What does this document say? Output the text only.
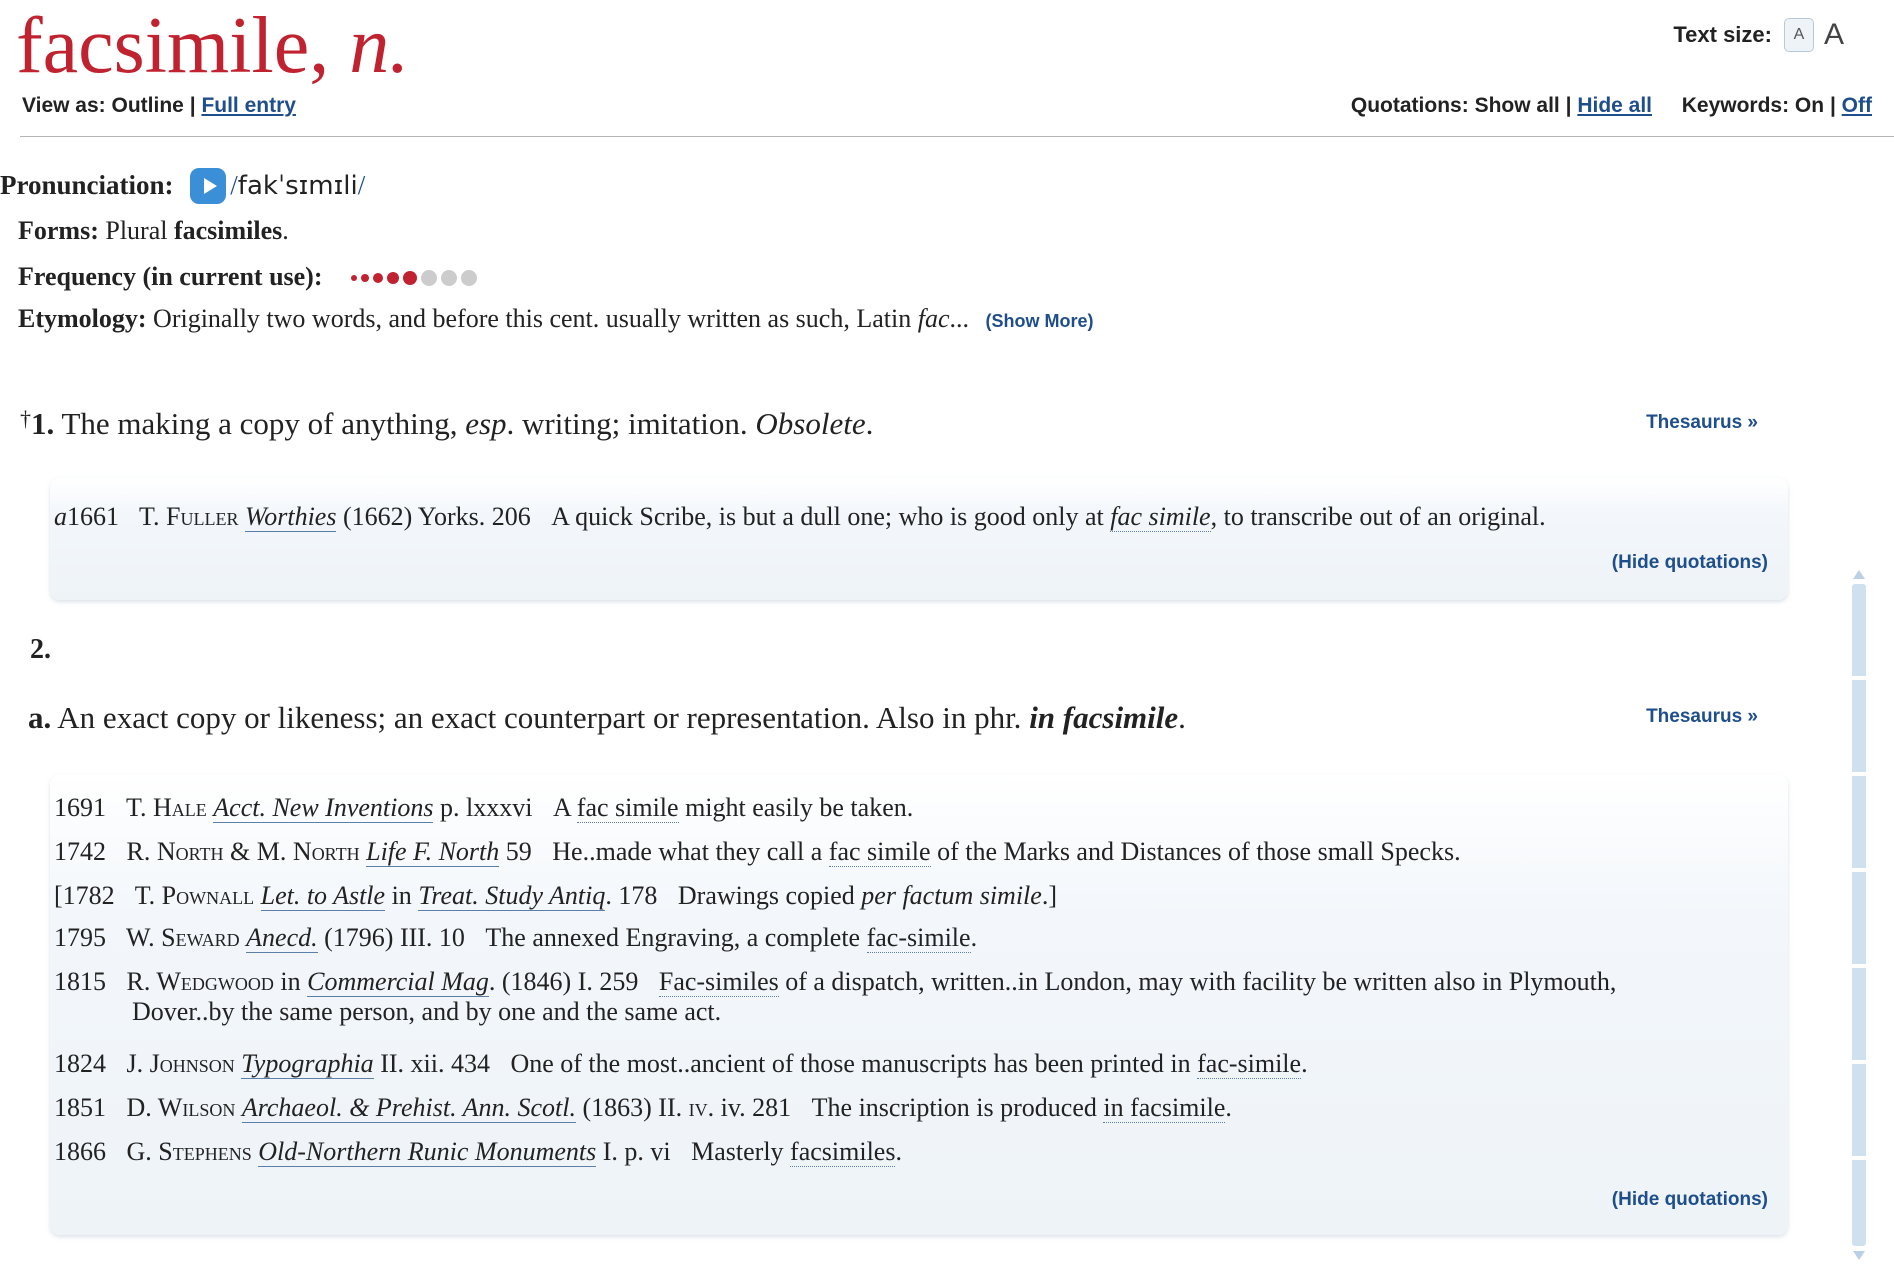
facsimile, n.	Text size:	A A
View as: Outline | Full entry	Quotations: Show all | Hide all Keywords: On | Off
Pronunciation: /fakˈsɪmɪli/
Forms: Plural facsimiles.
Frequency (in current use):
Etymology: Originally two words, and before this cent. usually written as such, Latin fac... (Show More)
†1. The making a copy of anything, esp. writing; imitation. Obsolete.	Thesaurus »
a1661 T. Fuller Worthies (1662) Yorks. 206 A quick Scribe, is but a dull one; who is good only at fac simile, to transcribe out of an original.
(Hide quotations)
2.
a. An exact copy or likeness; an exact counterpart or representation. Also in phr. in facsimile.	Thesaurus »
1691 T. Hale Acct. New Inventions p. lxxxvi A fac simile might easily be taken.
1742 R. North & M. North Life F. North 59 He..made what they call a fac simile of the Marks and Distances of those small Specks.
[1782 T. Pownall Let. to Astle in Treat. Study Antiq. 178 Drawings copied per factum simile.]
1795 W. Seward Anecd. (1796) III. 10 The annexed Engraving, a complete fac-simile.
1815 R. Wedgwood in Commercial Mag. (1846) I. 259 Fac-similes of a dispatch, written..in London, may with facility be written also in Plymouth,
Dover..by the same person, and by one and the same act.
1824 J. Johnson Typographia II. xii. 434 One of the most..ancient of those manuscripts has been printed in fac-simile.
1851 D. Wilson Archaeol. & Prehist. Ann. Scotl. (1863) II. iv. iv. 281 The inscription is produced in facsimile.
1866 G. Stephens Old-Northern Runic Monuments I. p. vi Masterly facsimiles.
(Hide quotations)
